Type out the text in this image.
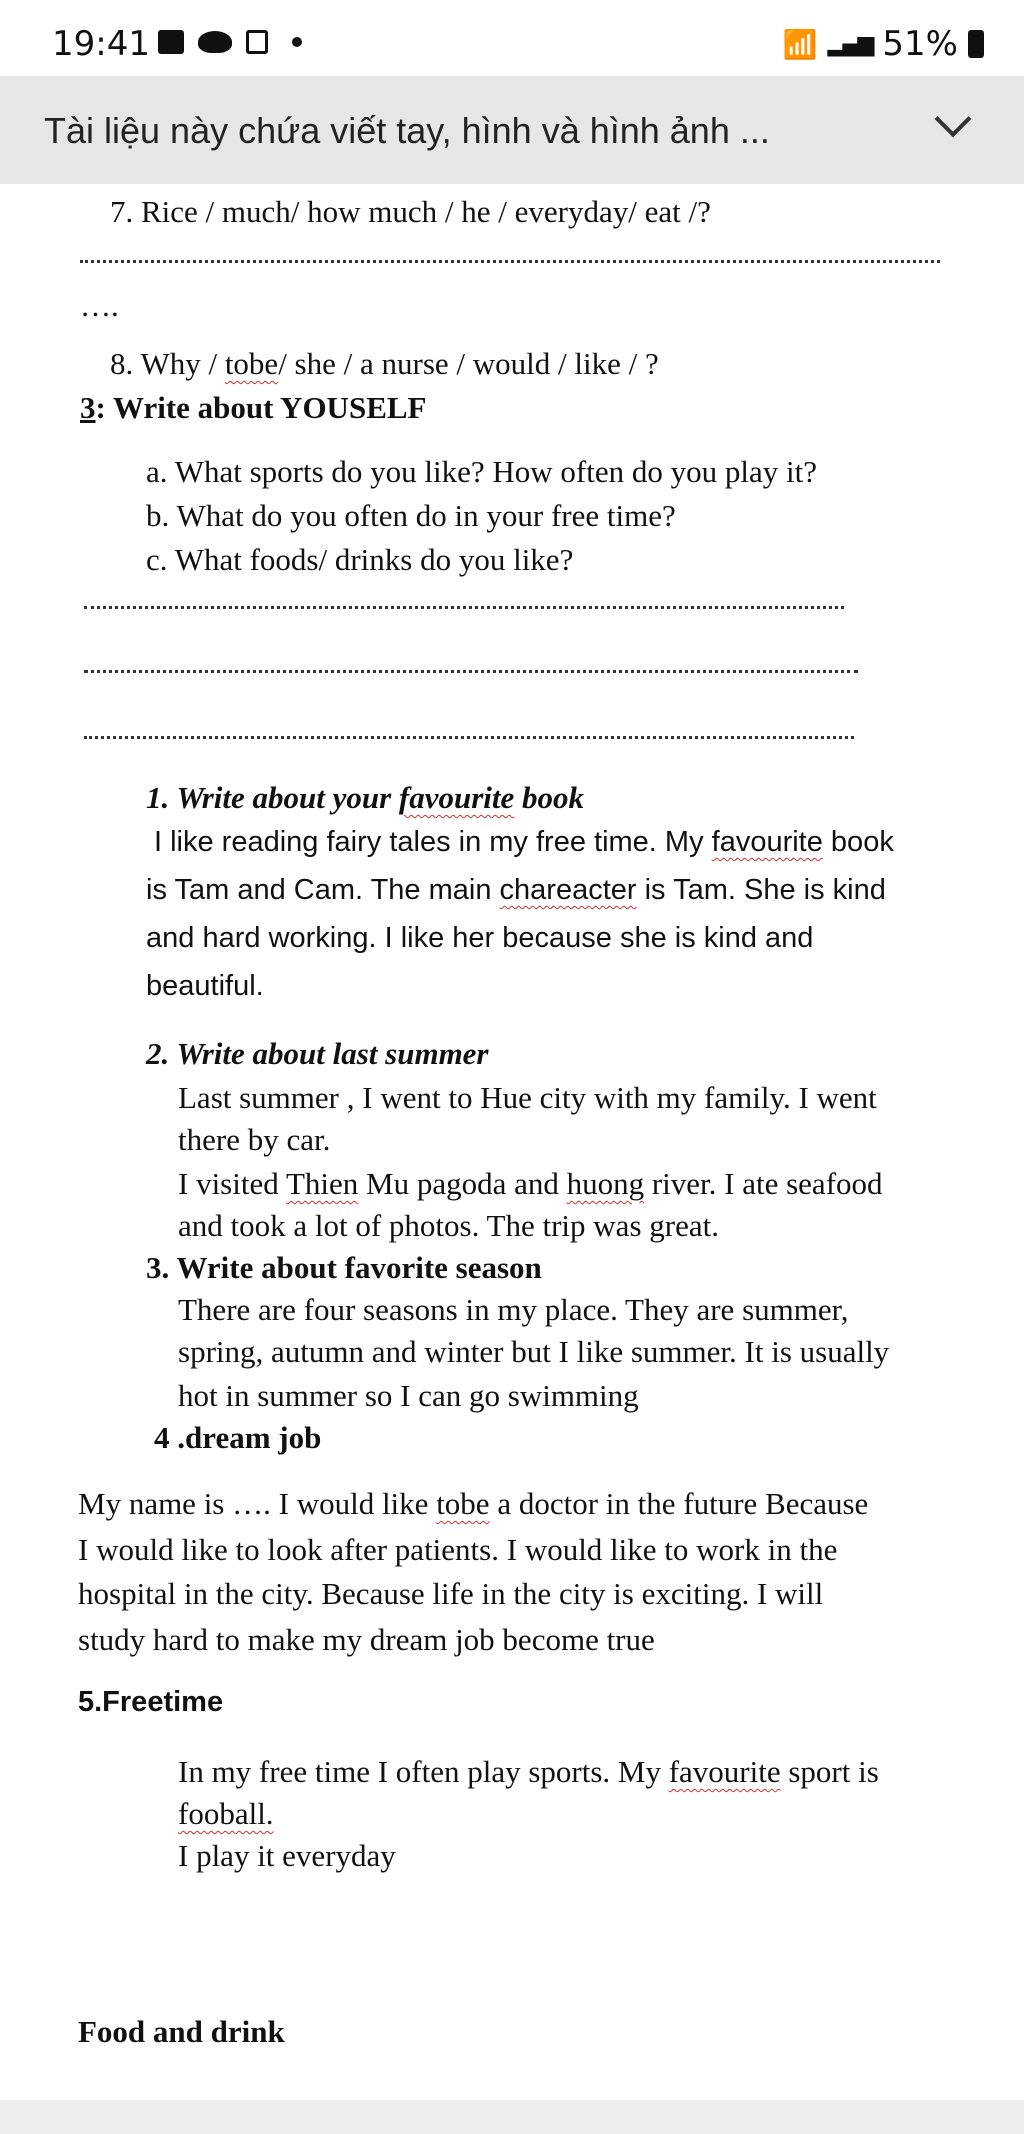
19:41	📶 ▂▄▆ 51%
Tài liệu này chứa viết tay, hình và hình ảnh ...
7. Rice / much/ how much / he / everyday/ eat /?
….
8. Why / tobe/ she / a nurse / would / like / ?
3: Write about YOUSELF
a. What sports do you like? How often do you play it?
b. What do you often do in your free time?
c. What foods/ drinks do you like?
1. Write about your favourite book
I like reading fairy tales in my free time. My favourite book
is Tam and Cam. The main chareacter is Tam. She is kind
and hard working. I like her because she is kind and
beautiful.
2. Write about last summer
Last summer , I went to Hue city with my family. I went
there by car.
I visited Thien Mu pagoda and huong river. I ate seafood
and took a lot of photos. The trip was great.
3. Write about favorite season
There are four seasons in my place. They are summer,
spring, autumn and winter but I like summer. It is usually
hot in summer so I can go swimming
4 .dream job
My name is …. I would like tobe a doctor in the future Because
I would like to look after patients. I would like to work in the
hospital in the city. Because life in the city is exciting. I will
study hard to make my dream job become true
5.Freetime
In my free time I often play sports. My favourite sport is
fooball.
I play it everyday
Food and drink
